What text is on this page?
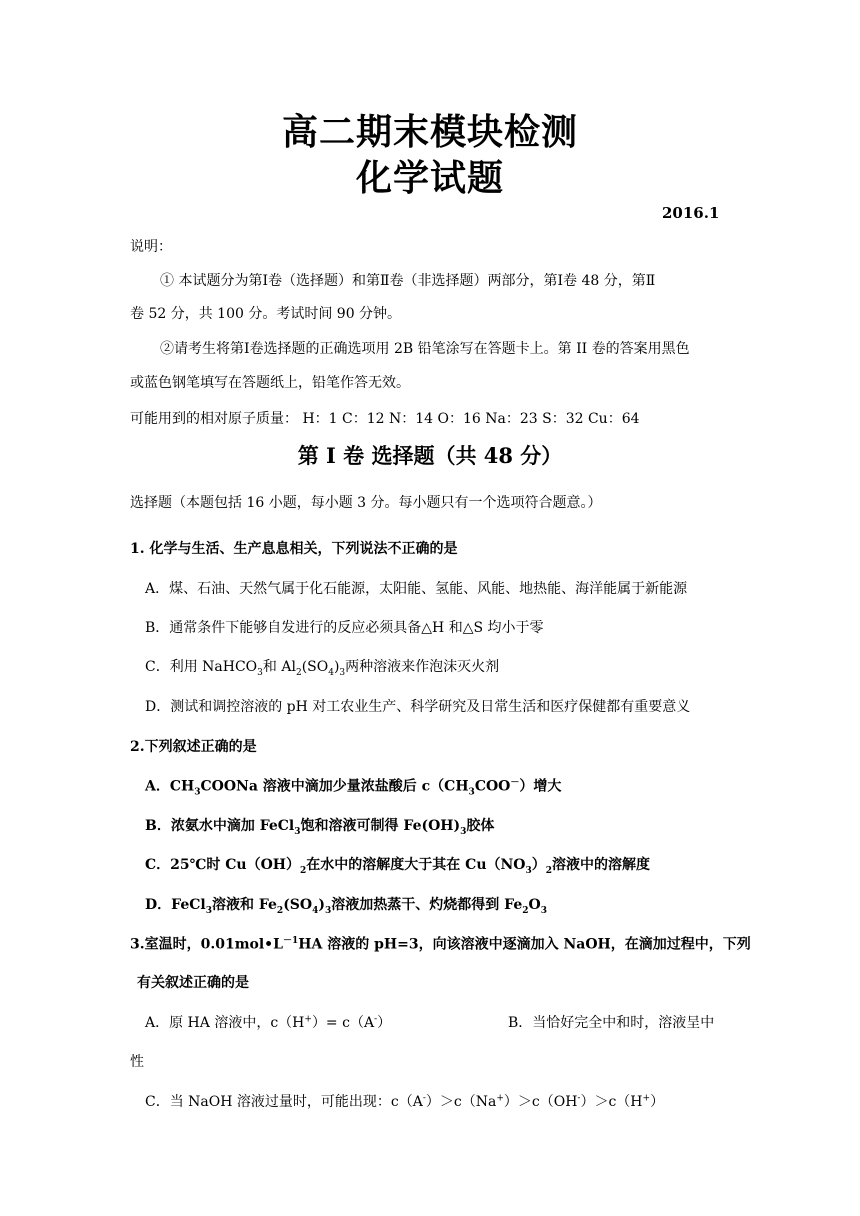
高二期末模块检测
化学试题
2016.1
说明：
① 本试题分为第Ⅰ卷（选择题）和第Ⅱ卷（非选择题）两部分，第Ⅰ卷 48 分，第Ⅱ
卷 52 分，共 100 分。考试时间 90 分钟。
②请考生将第Ⅰ卷选择题的正确选项用 2B 铅笔涂写在答题卡上。第 II 卷的答案用黑色
或蓝色钢笔填写在答题纸上，铅笔作答无效。
可能用到的相对原子质量： H：1 C：12 N：14 O：16 Na：23 S：32 Cu：64
第 I 卷 选择题（共 48 分）
选择题（本题包括 16 小题，每小题 3 分。每小题只有一个选项符合题意。）
1. 化学与生活、生产息息相关，下列说法不正确的是
A．煤、石油、天然气属于化石能源，太阳能、氢能、风能、地热能、海洋能属于新能源
B．通常条件下能够自发进行的反应必须具备△H 和△S 均小于零
C．利用 NaHCO$_3$和 $Al_2(SO_4)_3$两种溶液来作泡沫灭火剂
D．测试和调控溶液的 pH 对工农业生产、科学研究及日常生活和医疗保健都有重要意义
2.下列叙述正确的是
A．$CH_3COONa$ 溶液中滴加少量浓盐酸后 $c(CH_3COO^-)$增大
B．浓氨水中滴加 FeCl$_3$饱和溶液可制得 $Fe(OH)_3$胶体
C．25℃时 $Cu(OH)_2$在水中的溶解度大于其在 $Cu(NO_3)_2$溶液中的溶解度
D．FeCl$_3$溶液和 $Fe_2(SO_4)_3$溶液加热蒸干、灼烧都得到 $Fe_2O_3$
3.室温时，$0.01mol•L^{-1}HA$ 溶液的 pH=3，向该溶液中逐滴加入 NaOH，在滴加过程中，下列
有关叙述正确的是
A．原 HA 溶液中，c（H+）= c（A-）	B．当恰好完全中和时，溶液呈中
性
C．当 NaOH 溶液过量时，可能出现：c（A-）＞c（Na+）＞c（OH-）＞c（H+）
